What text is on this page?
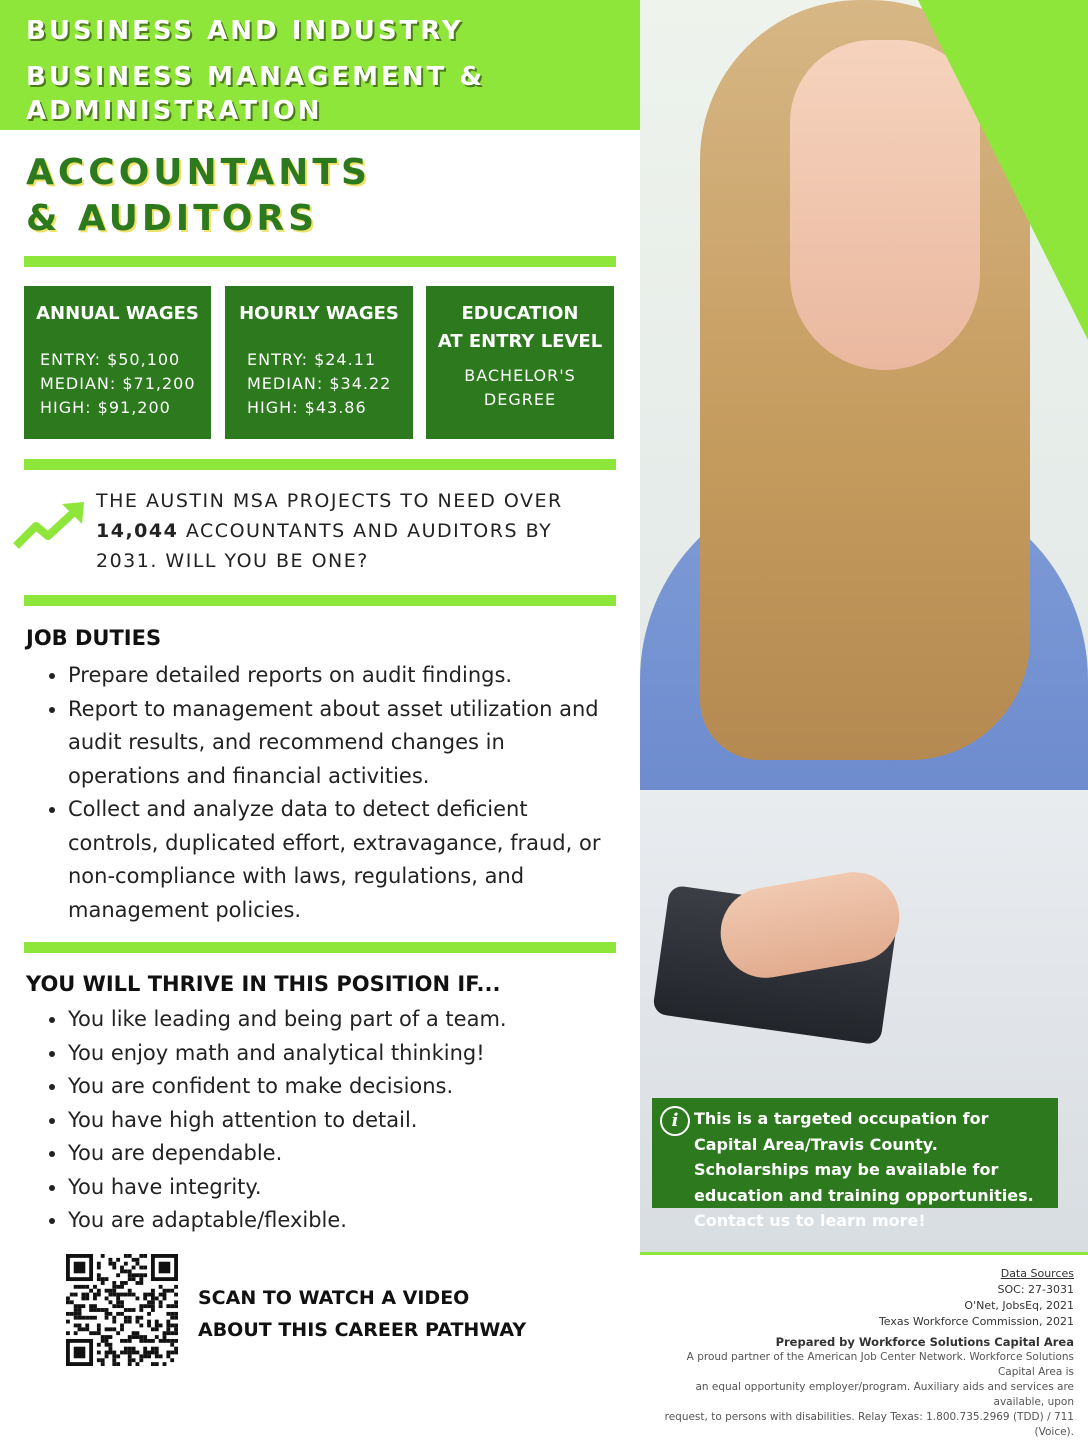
BUSINESS AND INDUSTRY

BUSINESS MANAGEMENT &

ADMINISTRATION

ACCOUNTANTS
& AUDITORS
ANNUAL WAGES
ENTRY: $50,100
MEDIAN: $71,200
HIGH: $91,200
HOURLY WAGES
ENTRY: $24.11
MEDIAN: $34.22
HIGH: $43.86
EDUCATION
AT ENTRY LEVEL
BACHELOR'S
DEGREE
THE AUSTIN MSA PROJECTS TO NEED OVER
14,044 ACCOUNTANTS AND AUDITORS BY
2031. WILL YOU BE ONE?

JOB DUTIES

• Prepare detailed reports on audit findings.
• Report to management about asset utilization and audit results, and recommend changes in operations and financial activities.
• Collect and analyze data to detect deficient controls, duplicated effort, extravagance, fraud, or non-compliance with laws, regulations, and management policies.

YOU WILL THRIVE IN THIS POSITION IF...

• You like leading and being part of a team.
• You enjoy math and analytical thinking!
• You are confident to make decisions.
• You have high attention to detail.
• You are dependable.
• You have integrity.
• You are adaptable/flexible.
i This is a targeted occupation for Capital Area/Travis County. Scholarships may be available for education and training opportunities. Contact us to learn more!
SCAN TO WATCH A VIDEO
ABOUT THIS CAREER PATHWAY
Data Sources
SOC: 27-3031
O'Net, JobsEq, 2021
Texas Workforce Commission, 2021
Prepared by Workforce Solutions Capital Area
A proud partner of the American Job Center Network. Workforce Solutions Capital Area is
an equal opportunity employer/program. Auxiliary aids and services are available, upon
request, to persons with disabilities. Relay Texas: 1.800.735.2969 (TDD) / 711 (Voice).
